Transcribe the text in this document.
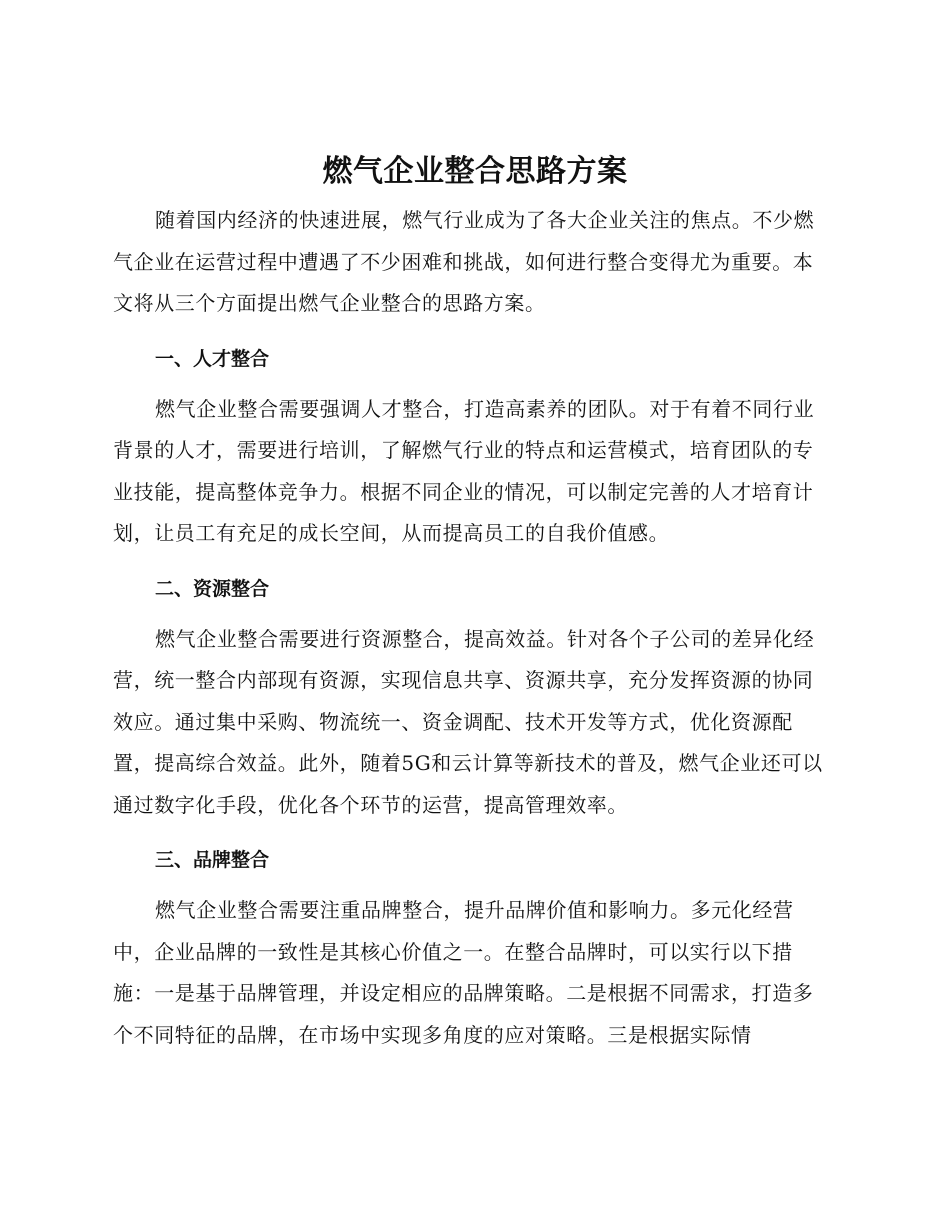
燃气企业整合思路方案

随着国内经济的快速进展，燃气行业成为了各大企业关注的焦点。不少燃气企业在运营过程中遭遇了不少困难和挑战，如何进行整合变得尤为重要。本文将从三个方面提出燃气企业整合的思路方案。

一、人才整合

燃气企业整合需要强调人才整合，打造高素养的团队。对于有着不同行业背景的人才，需要进行培训，了解燃气行业的特点和运营模式，培育团队的专业技能，提高整体竞争力。根据不同企业的情况，可以制定完善的人才培育计划，让员工有充足的成长空间，从而提高员工的自我价值感。

二、资源整合

燃气企业整合需要进行资源整合，提高效益。针对各个子公司的差异化经营，统一整合内部现有资源，实现信息共享、资源共享，充分发挥资源的协同效应。通过集中采购、物流统一、资金调配、技术开发等方式，优化资源配置，提高综合效益。此外，随着5G和云计算等新技术的普及，燃气企业还可以通过数字化手段，优化各个环节的运营，提高管理效率。

三、品牌整合

燃气企业整合需要注重品牌整合，提升品牌价值和影响力。多元化经营中，企业品牌的一致性是其核心价值之一。在整合品牌时，可以实行以下措施：一是基于品牌管理，并设定相应的品牌策略。二是根据不同需求，打造多个不同特征的品牌，在市场中实现多角度的应对策略。三是根据实际情
